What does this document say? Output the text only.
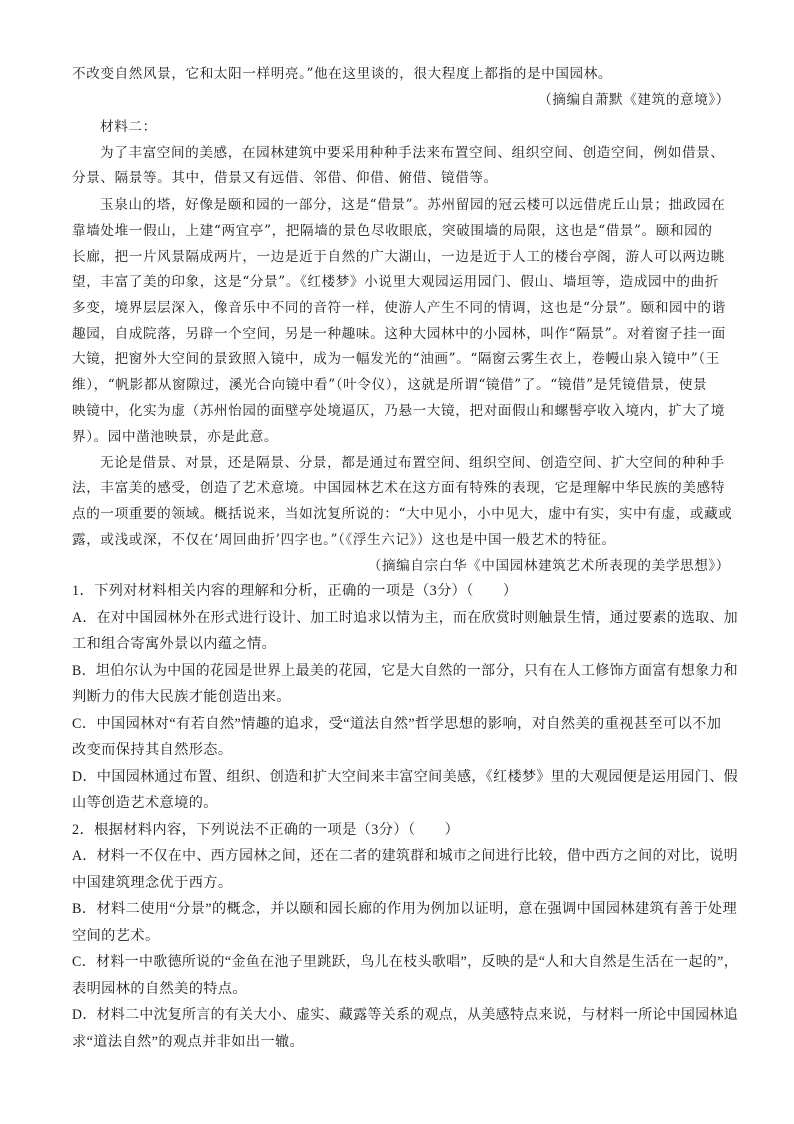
不改变自然风景，它和太阳一样明亮。”他在这里谈的，很大程度上都指的是中国园林。
（摘编自萧默《建筑的意境》）
材料二：
为了丰富空间的美感，在园林建筑中要采用种种手法来布置空间、组织空间、创造空间，例如借景、
分景、隔景等。其中，借景又有远借、邻借、仰借、俯借、镜借等。
玉泉山的塔，好像是颐和园的一部分，这是“借景”。苏州留园的冠云楼可以远借虎丘山景；拙政园在
靠墙处堆一假山，上建“两宜亭”，把隔墙的景色尽收眼底，突破围墙的局限，这也是“借景”。颐和园的
长廊，把一片风景隔成两片，一边是近于自然的广大湖山，一边是近于人工的楼台亭阁，游人可以两边眺
望，丰富了美的印象，这是“分景”。《红楼梦》小说里大观园运用园门、假山、墙垣等，造成园中的曲折
多变，境界层层深入，像音乐中不同的音符一样，使游人产生不同的情调，这也是“分景”。颐和园中的谐
趣园，自成院落，另辟一个空间，另是一种趣味。这种大园林中的小园林，叫作“隔景”。对着窗子挂一面
大镜，把窗外大空间的景致照入镜中，成为一幅发光的“油画”。“隔窗云雾生衣上，卷幔山泉入镜中”（王
维），“帆影都从窗隙过，溪光合向镜中看”（叶令仪），这就是所谓“镜借”了。“镜借”是凭镜借景，使景
映镜中，化实为虚（苏州怡园的面壁亭处境逼仄，乃悬一大镜，把对面假山和螺髻亭收入境内，扩大了境
界）。园中凿池映景，亦是此意。
无论是借景、对景，还是隔景、分景，都是通过布置空间、组织空间、创造空间、扩大空间的种种手
法，丰富美的感受，创造了艺术意境。中国园林艺术在这方面有特殊的表现，它是理解中华民族的美感特
点的一项重要的领域。概括说来，当如沈复所说的：“大中见小，小中见大，虚中有实，实中有虚，或藏或
露，或浅或深，不仅在‘周回曲折’四字也。”（《浮生六记》）这也是中国一般艺术的特征。
（摘编自宗白华《中国园林建筑艺术所表现的美学思想》）
1．下列对材料相关内容的理解和分析，正确的一项是（3分）（　　）
A．在对中国园林外在形式进行设计、加工时追求以情为主，而在欣赏时则触景生情，通过要素的选取、加
工和组合寄寓外景以内蕴之情。
B．坦伯尔认为中国的花园是世界上最美的花园，它是大自然的一部分，只有在人工修饰方面富有想象力和
判断力的伟大民族才能创造出来。
C．中国园林对“有若自然”情趣的追求，受“道法自然”哲学思想的影响，对自然美的重视甚至可以不加
改变而保持其自然形态。
D．中国园林通过布置、组织、创造和扩大空间来丰富空间美感，《红楼梦》里的大观园便是运用园门、假
山等创造艺术意境的。
2．根据材料内容，下列说法不正确的一项是（3分）（　　）
A．材料一不仅在中、西方园林之间，还在二者的建筑群和城市之间进行比较，借中西方之间的对比，说明
中国建筑理念优于西方。
B．材料二使用“分景”的概念，并以颐和园长廊的作用为例加以证明，意在强调中国园林建筑有善于处理
空间的艺术。
C．材料一中歌德所说的“金鱼在池子里跳跃，鸟儿在枝头歌唱”，反映的是“人和大自然是生活在一起的”，
表明园林的自然美的特点。
D．材料二中沈复所言的有关大小、虚实、藏露等关系的观点，从美感特点来说，与材料一所论中国园林追
求“道法自然”的观点并非如出一辙。
